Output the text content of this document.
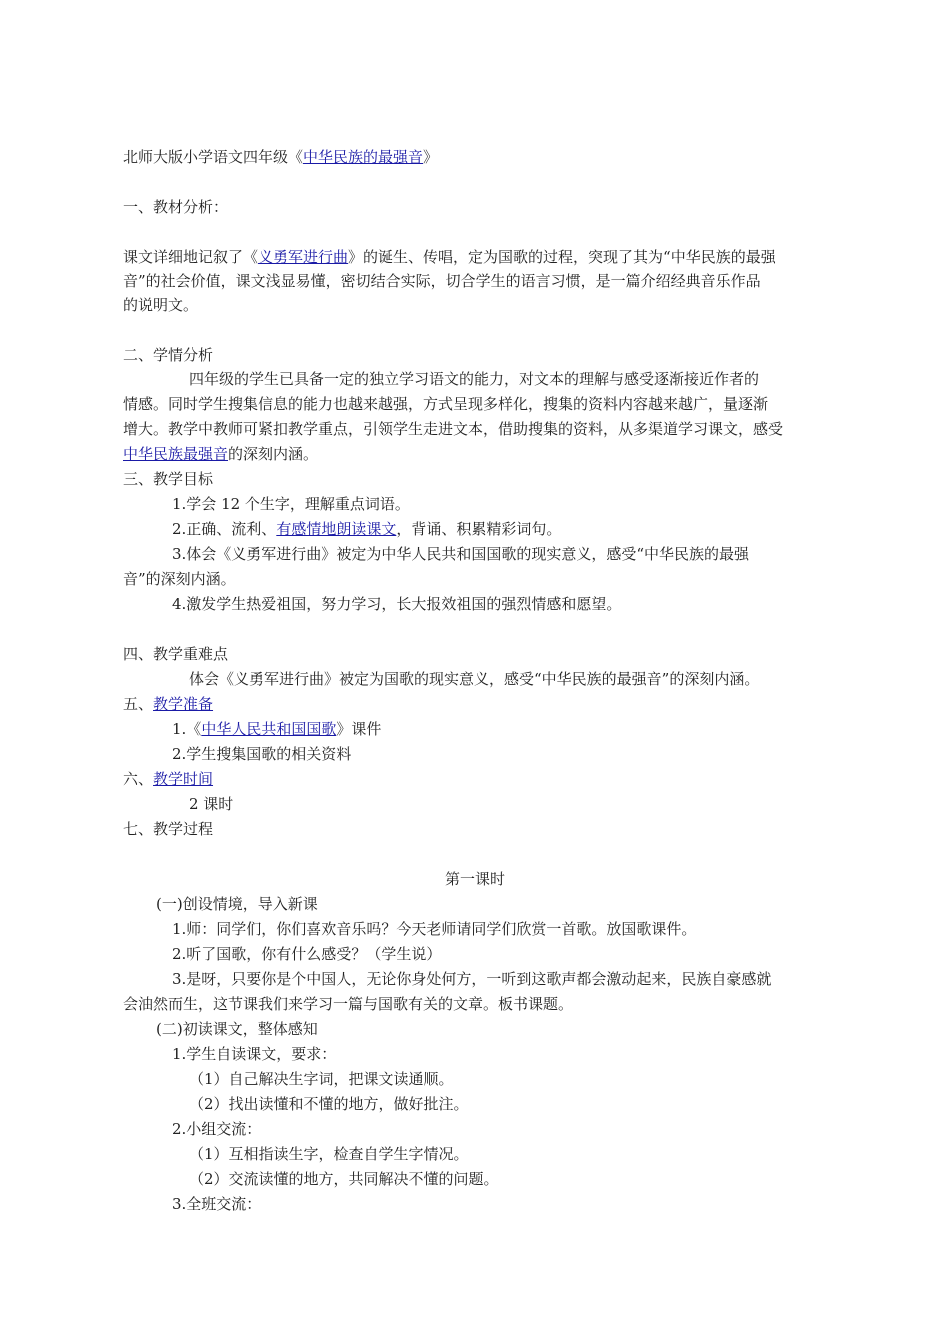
北师大版小学语文四年级《中华民族的最强音》
一、教材分析：
课文详细地记叙了《义勇军进行曲》的诞生、传唱，定为国歌的过程，突现了其为“中华民族的最强
音”的社会价值，课文浅显易懂，密切结合实际，切合学生的语言习惯，是一篇介绍经典音乐作品
的说明文。
二、学情分析
四年级的学生已具备一定的独立学习语文的能力，对文本的理解与感受逐渐接近作者的
情感。同时学生搜集信息的能力也越来越强，方式呈现多样化，搜集的资料内容越来越广，量逐渐
增大。教学中教师可紧扣教学重点，引领学生走进文本，借助搜集的资料，从多渠道学习课文，感受
中华民族最强音的深刻内涵。
三、教学目标
1.学会 12 个生字，理解重点词语。
2.正确、流利、有感情地朗读课文，背诵、积累精彩词句。
3.体会《义勇军进行曲》被定为中华人民共和国国歌的现实意义，感受“中华民族的最强
音”的深刻内涵。
4.激发学生热爱祖国，努力学习，长大报效祖国的强烈情感和愿望。
四、教学重难点
体会《义勇军进行曲》被定为国歌的现实意义，感受“中华民族的最强音”的深刻内涵。
五、教学准备
1.《中华人民共和国国歌》课件
2.学生搜集国歌的相关资料
六、教学时间
2 课时
七、教学过程
第一课时
(一)创设情境，导入新课
1.师：同学们，你们喜欢音乐吗？今天老师请同学们欣赏一首歌。放国歌课件。
2.听了国歌，你有什么感受？（学生说）
3.是呀，只要你是个中国人，无论你身处何方，一听到这歌声都会激动起来，民族自豪感就
会油然而生，这节课我们来学习一篇与国歌有关的文章。板书课题。
(二)初读课文，整体感知
1.学生自读课文，要求：
（1）自己解决生字词，把课文读通顺。
（2）找出读懂和不懂的地方，做好批注。
2.小组交流：
（1）互相指读生字，检查自学生字情况。
（2）交流读懂的地方，共同解决不懂的问题。
3.全班交流：
